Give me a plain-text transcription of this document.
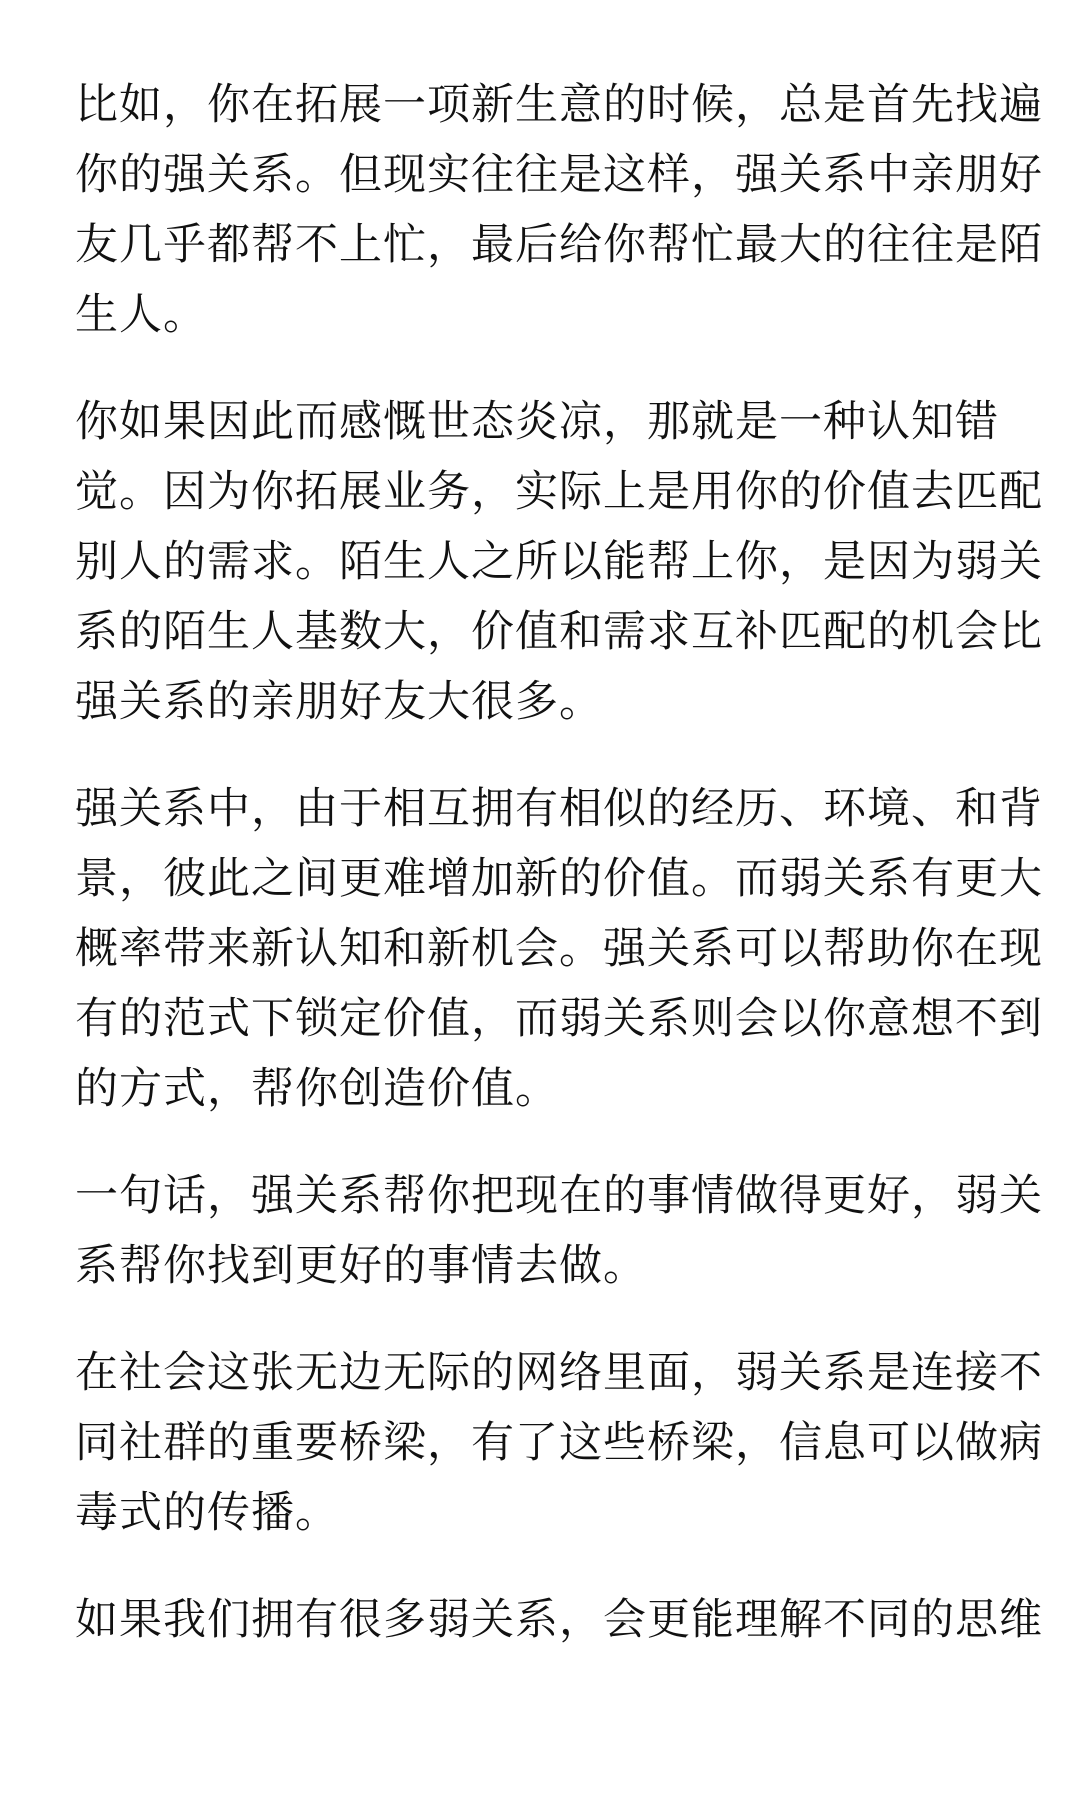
比如，你在拓展一项新生意的时候，总是首先找遍
你的强关系。但现实往往是这样，强关系中亲朋好
友几乎都帮不上忙，最后给你帮忙最大的往往是陌
生人。

你如果因此而感慨世态炎凉，那就是一种认知错
觉。因为你拓展业务，实际上是用你的价值去匹配
别人的需求。陌生人之所以能帮上你，是因为弱关
系的陌生人基数大，价值和需求互补匹配的机会比
强关系的亲朋好友大很多。

强关系中，由于相互拥有相似的经历、环境、和背
景，彼此之间更难增加新的价值。而弱关系有更大
概率带来新认知和新机会。强关系可以帮助你在现
有的范式下锁定价值，而弱关系则会以你意想不到
的方式，帮你创造价值。

一句话，强关系帮你把现在的事情做得更好，弱关
系帮你找到更好的事情去做。

在社会这张无边无际的网络里面，弱关系是连接不
同社群的重要桥梁，有了这些桥梁，信息可以做病
毒式的传播。

如果我们拥有很多弱关系，会更能理解不同的思维
